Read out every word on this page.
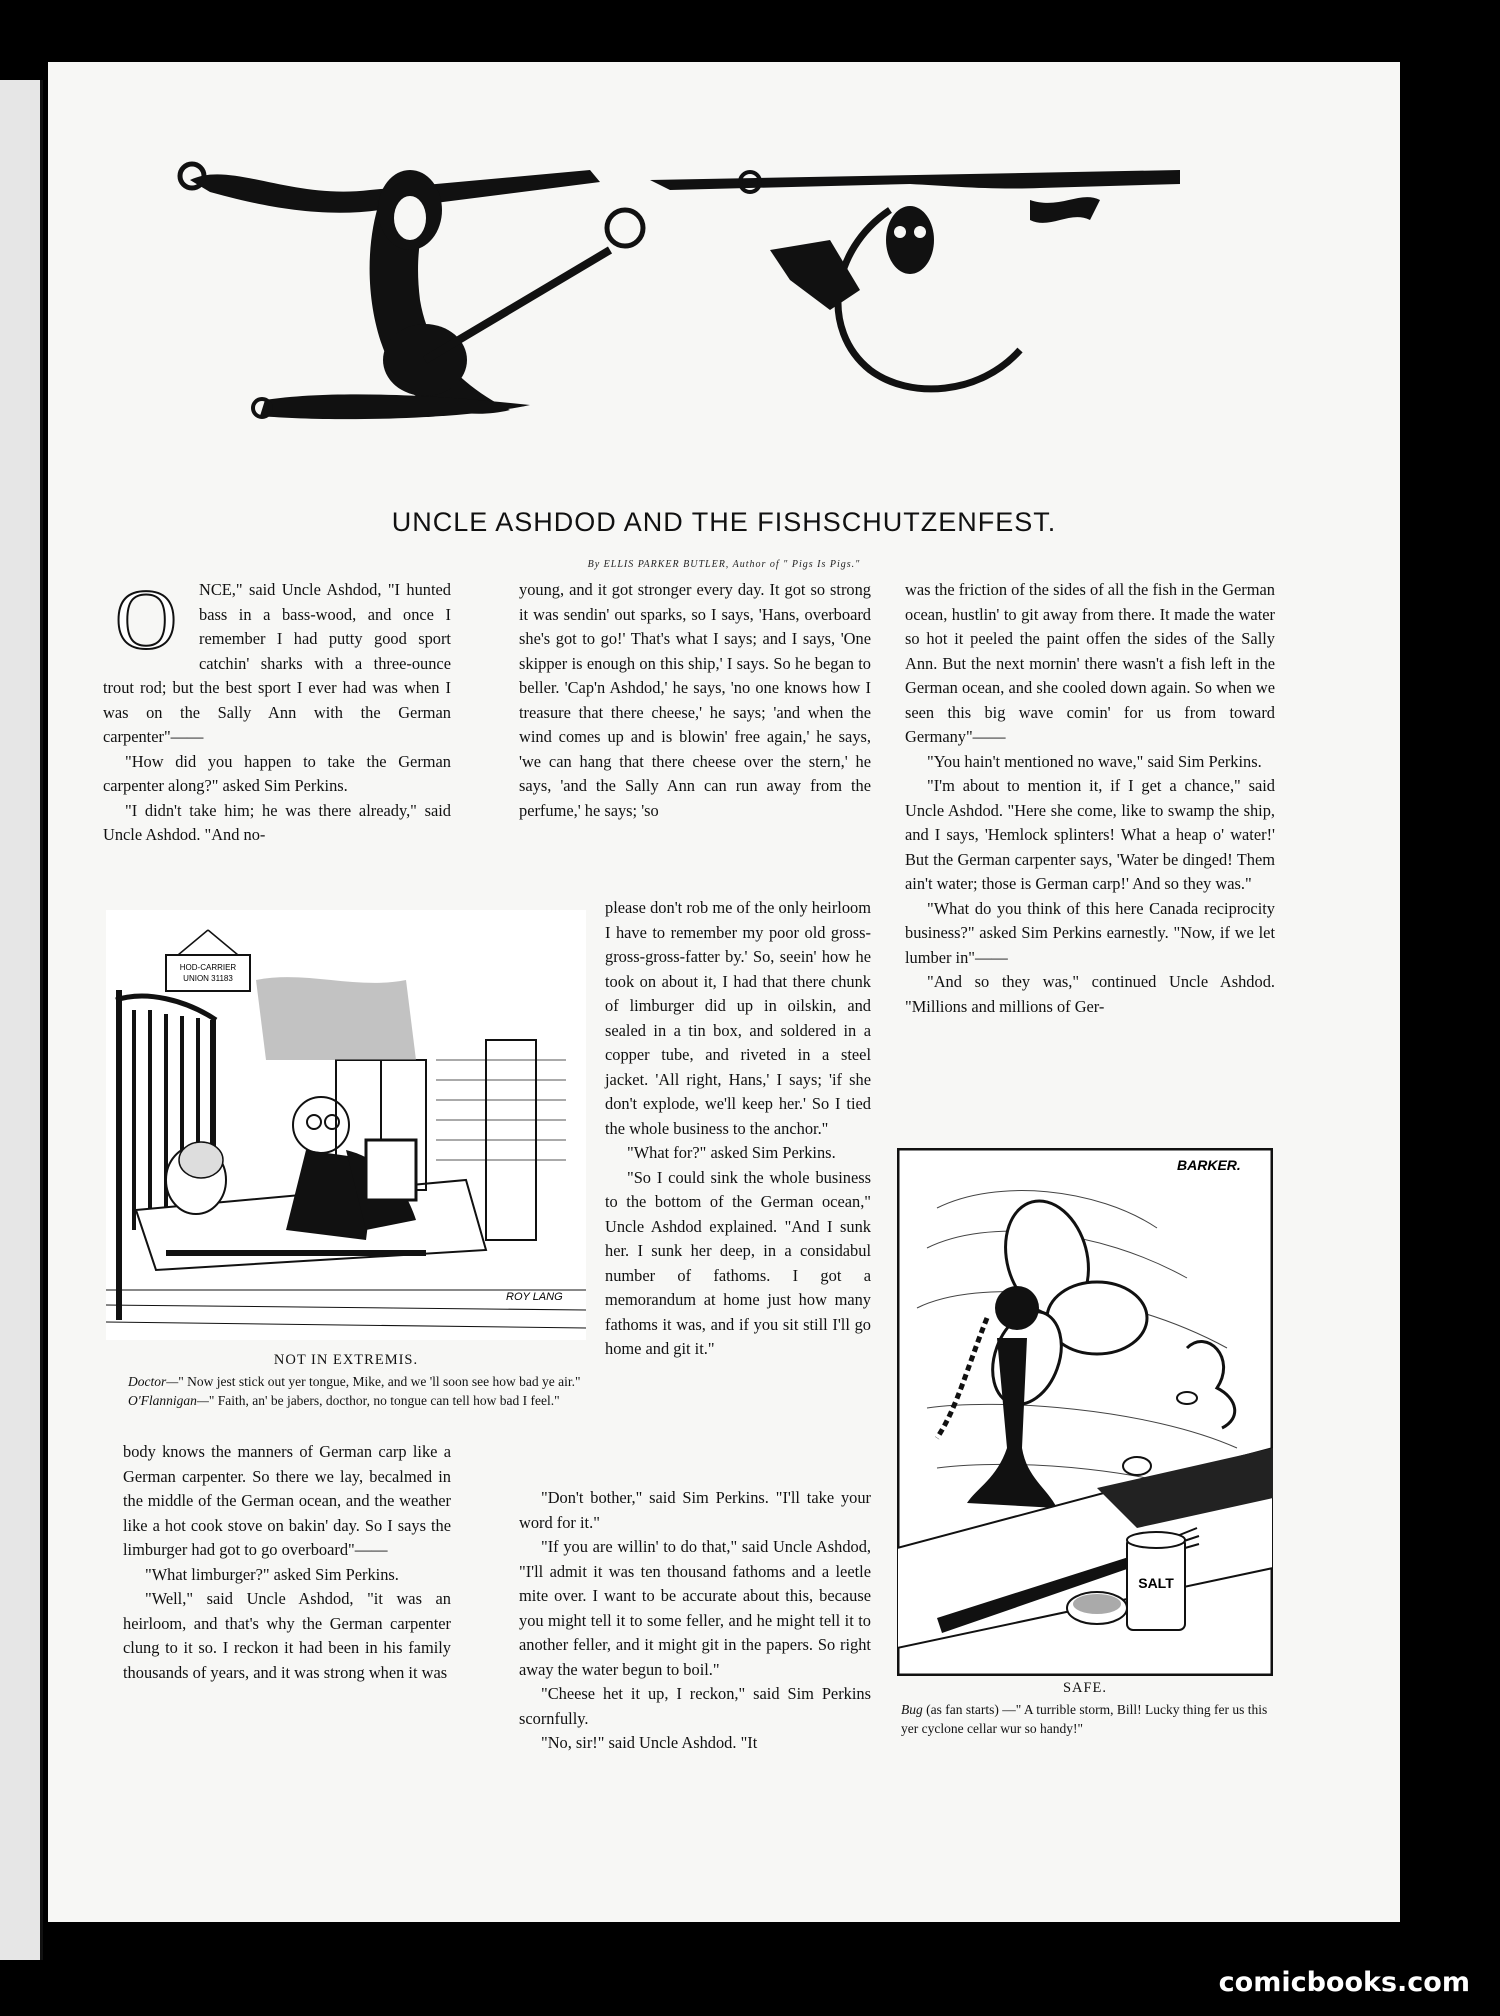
UNCLE ASHDOD AND THE FISHSCHUTZENFEST.
By ELLIS PARKER BUTLER, Author of " Pigs Is Pigs."

O	NCE," said Uncle Ashdod, "I hunted bass in a bass-wood, and once I remember I had putty good sport catchin' sharks with a three-ounce trout rod; but the best sport I ever had was when I was on the Sally Ann with the German carpenter"——

"How did you happen to take the German carpenter along?" asked Sim Perkins.

"I didn't take him; he was there already," said Uncle Ashdod. "And no-

HOD-CARRIER UNION 31183
ROY LANG
NOT IN EXTREMIS.

Doctor—" Now jest stick out yer tongue, Mike, and we 'll soon see how bad ye air."

O'Flannigan—" Faith, an' be jabers, docthor, no tongue can tell how bad I feel."

body knows the manners of German carp like a German carpenter. So there we lay, becalmed in the middle of the German ocean, and the weather like a hot cook stove on bakin' day. So I says the limburger had got to go overboard"——

"What limburger?" asked Sim Perkins.

"Well," said Uncle Ashdod, "it was an heirloom, and that's why the German carpenter clung to it so. I reckon it had been in his family thousands of years, and it was strong when it was

young, and it got stronger every day. It got so strong it was sendin' out sparks, so I says, 'Hans, overboard she's got to go!' That's what I says; and I says, 'One skipper is enough on this ship,' I says. So he began to beller. 'Cap'n Ashdod,' he says, 'no one knows how I treasure that there cheese,' he says; 'and when the wind comes up and is blowin' free again,' he says, 'we can hang that there cheese over the stern,' he says, 'and the Sally Ann can run away from the perfume,' he says; 'so

please don't rob me of the only heirloom I have to remember my poor old gross-gross-gross-fatter by.' So, seein' how he took on about it, I had that there chunk of limburger did up in oilskin, and sealed in a tin box, and soldered in a copper tube, and riveted in a steel jacket. 'All right, Hans,' I says; 'if she don't explode, we'll keep her.' So I tied the whole business to the anchor."

"What for?" asked Sim Perkins.

"So I could sink the whole business to the bottom of the German ocean," Uncle Ashdod explained. "And I sunk her. I sunk her deep, in a considabul number of fathoms. I got a memorandum at home just how many fathoms it was, and if you sit still I'll go home and git it."

"Don't bother," said Sim Perkins. "I'll take your word for it."

"If you are willin' to do that," said Uncle Ashdod, "I'll admit it was ten thousand fathoms and a leetle mite over. I want to be accurate about this, because you might tell it to some feller, and he might tell it to another feller, and it might git in the papers. So right away the water begun to boil."

"Cheese het it up, I reckon," said Sim Perkins scornfully.

"No, sir!" said Uncle Ashdod. "It

was the friction of the sides of all the fish in the German ocean, hustlin' to git away from there. It made the water so hot it peeled the paint offen the sides of the Sally Ann. But the next mornin' there wasn't a fish left in the German ocean, and she cooled down again. So when we seen this big wave comin' for us from toward Germany"——

"You hain't mentioned no wave," said Sim Perkins.

"I'm about to mention it, if I get a chance," said Uncle Ashdod. "Here she come, like to swamp the ship, and I says, 'Hemlock splinters! What a heap o' water!' But the German carpenter says, 'Water be dinged! Them ain't water; those is German carp!' And so they was."

"What do you think of this here Canada reciprocity business?" asked Sim Perkins earnestly. "Now, if we let lumber in"——

"And so they was," continued Uncle Ashdod. "Millions and millions of Ger-

BARKER.
SALT
SAFE.

Bug (as fan starts) —" A turrible storm, Bill! Lucky thing fer us this yer cyclone cellar wur so handy!"

comicbooks.com
